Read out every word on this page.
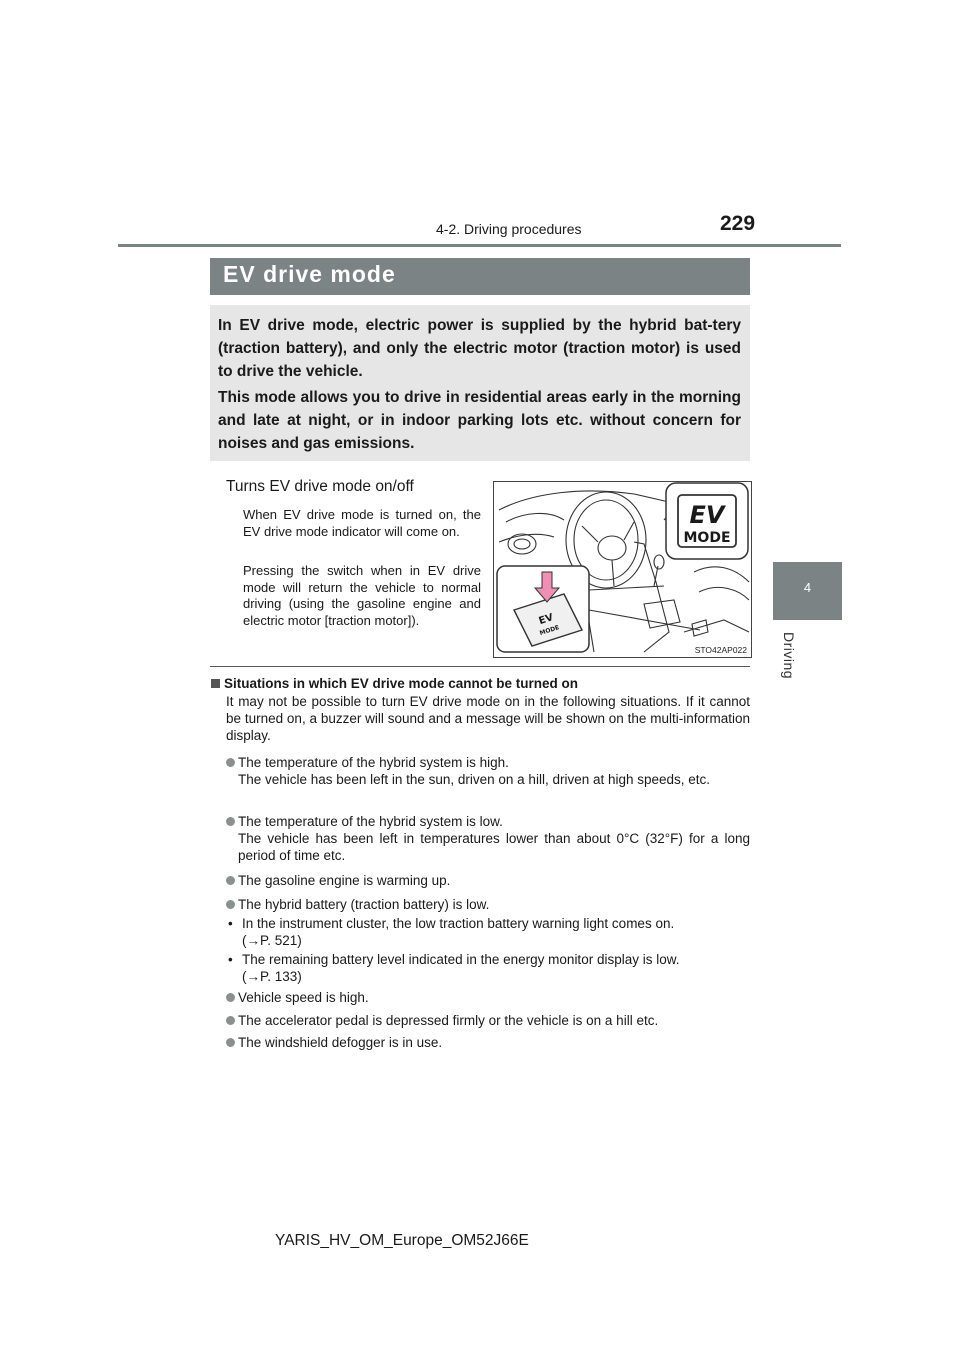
229
4-2. Driving procedures
4
Driving
EV drive mode
In EV drive mode, electric power is supplied by the hybrid bat-tery (traction battery), and only the electric motor (traction motor) is used to drive the vehicle.
This mode allows you to drive in residential areas early in the morning and late at night, or in indoor parking lots etc. without concern for noises and gas emissions.
Turns EV drive mode on/off
When EV drive mode is turned on, the EV drive mode indicator will come on.
Pressing the switch when in EV drive mode will return the vehicle to normal driving (using the gasoline engine and electric motor [traction motor]).
EV
MODE
EV
MODE
STO42AP022
Situations in which EV drive mode cannot be turned on
It may not be possible to turn EV drive mode on in the following situations. If it cannot be turned on, a buzzer will sound and a message will be shown on the multi-information display.
The temperature of the hybrid system is high.
The vehicle has been left in the sun, driven on a hill, driven at high speeds, etc.
The temperature of the hybrid system is low.
The vehicle has been left in temperatures lower than about 0°C (32°F) for a long period of time etc.
The gasoline engine is warming up.
The hybrid battery (traction battery) is low.
• In the instrument cluster, the low traction battery warning light comes on.
(→P. 521)
• The remaining battery level indicated in the energy monitor display is low.
(→P. 133)
Vehicle speed is high.
The accelerator pedal is depressed firmly or the vehicle is on a hill etc.
The windshield defogger is in use.
YARIS_HV_OM_Europe_OM52J66E
